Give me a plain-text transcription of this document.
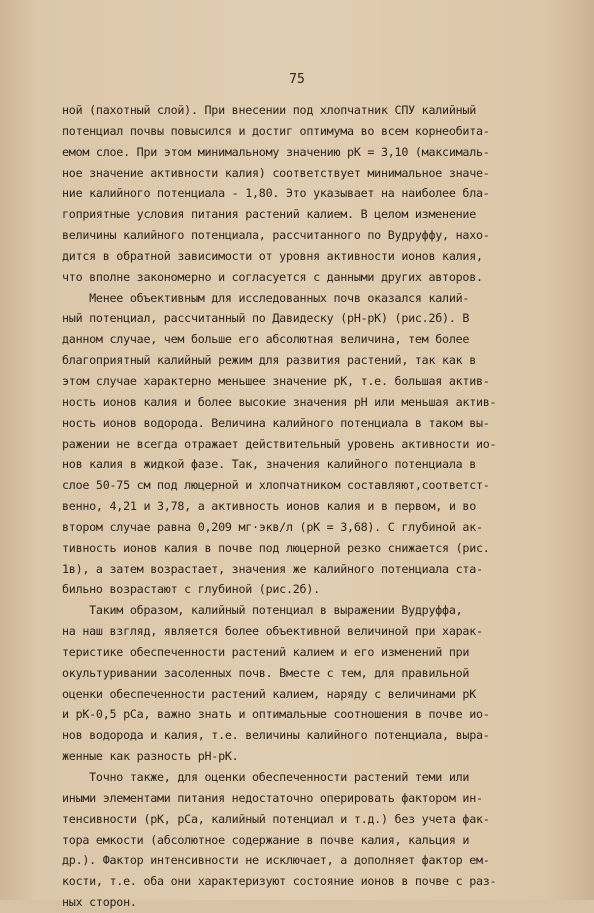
75
ной (пахотный слой). При внесении под хлопчатник СПУ калийный
потенциал почвы повысился и достиг оптимума во всем корнеобита-
емом слое. При этом минимальному значению рК = 3,10 (максималь-
ное значение активности калия) соответствует минимальное значе-
ние калийного потенциала - 1,80. Это указывает на наиболее бла-
гоприятные условия питания растений калием. В целом изменение
величины калийного потенциала, рассчитанного по Вудруффу, нахо-
дится в обратной зависимости от уровня активности ионов калия,
что вполне закономерно и согласуется с данными других авторов.
Менее объективным для исследованных почв оказался калий-
ный потенциал, рассчитанный по Давидеску (рН-рК) (рис.2б). В
данном случае, чем больше его абсолютная величина, тем более
благоприятный калийный режим для развития растений, так как в
этом случае характерно меньшее значение рК, т.е. большая актив-
ность ионов калия и более высокие значения рН или меньшая актив-
ность ионов водорода. Величина калийного потенциала в таком вы-
ражении не всегда отражает действительный уровень активности ио-
нов калия в жидкой фазе. Так, значения калийного потенциала в
слое 50-75 см под люцерной и хлопчатником составляют,соответст-
венно, 4,21 и 3,78, а активность ионов калия и в первом, и во
втором случае равна 0,209 мг·экв/л (рК = 3,68). С глубиной ак-
тивность ионов калия в почве под люцерной резко снижается (рис.
1в), а затем возрастает, значения же калийного потенциала ста-
бильно возрастают с глубиной (рис.2б).
Таким образом, калийный потенциал в выражении Вудруффа,
на наш взгляд, является более объективной величиной при харак-
теристике обеспеченности растений калием и его изменений при
окультуривании засоленных почв. Вместе с тем, для правильной
оценки обеспеченности растений калием, наряду с величинами рК
и рК-0,5 рСа, важно знать и оптимальные соотношения в почве ио-
нов водорода и калия, т.е. величины калийного потенциала, выра-
женные как разность рН-рК.
Точно также, для оценки обеспеченности растений теми или
иными элементами питания недостаточно оперировать фактором ин-
тенсивности (рК, рСа, калийный потенциал и т.д.) без учета фак-
тора емкости (абсолютное содержание в почве калия, кальция и
др.). Фактор интенсивности не исключает, а дополняет фактор ем-
кости, т.е. оба они характеризуют состояние ионов в почве с раз-
ных сторон.
